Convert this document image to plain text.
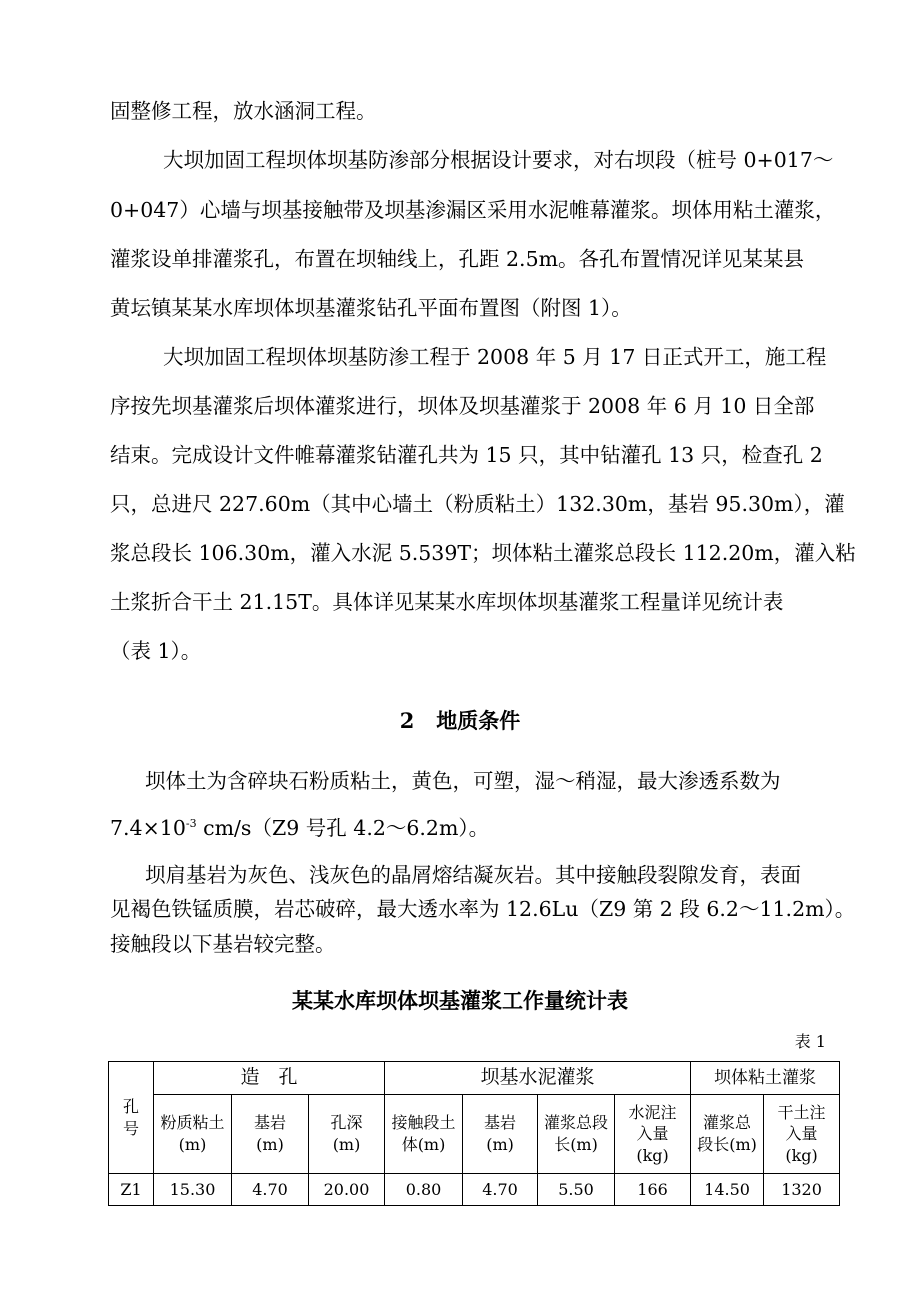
固整修工程，放水涵洞工程。
大坝加固工程坝体坝基防渗部分根据设计要求，对右坝段（桩号 0+017～
0+047）心墙与坝基接触带及坝基渗漏区采用水泥帷幕灌浆。坝体用粘土灌浆，
灌浆设单排灌浆孔，布置在坝轴线上，孔距 2.5m。各孔布置情况详见某某县
黄坛镇某某水库坝体坝基灌浆钻孔平面布置图（附图 1）。
大坝加固工程坝体坝基防渗工程于 2008 年 5 月 17 日正式开工，施工程
序按先坝基灌浆后坝体灌浆进行，坝体及坝基灌浆于 2008 年 6 月 10 日全部
结束。完成设计文件帷幕灌浆钻灌孔共为 15 只，其中钻灌孔 13 只，检查孔 2
只，总进尺 227.60m（其中心墙土（粉质粘土）132.30m，基岩 95.30m），灌
浆总段长 106.30m，灌入水泥 5.539T；坝体粘土灌浆总段长 112.20m，灌入粘
土浆折合干土 21.15T。具体详见某某水库坝体坝基灌浆工程量详见统计表
（表 1）。
2 地质条件
坝体土为含碎块石粉质粘土，黄色，可塑，湿～稍湿，最大渗透系数为
$7.4\times 10^{-3}$ cm/s（Z9 号孔 4.2～6.2m）。
坝肩基岩为灰色、浅灰色的晶屑熔结凝灰岩。其中接触段裂隙发育，表面
见褐色铁锰质膜，岩芯破碎，最大透水率为 12.6Lu（Z9 第 2 段 6.2～11.2m）。
接触段以下基岩较完整。
某某水库坝体坝基灌浆工作量统计表
表 1
孔号	造　孔			坝基水泥灌浆				坝体粘土灌浆	
	粉质粘土(m)	基岩(m)	孔深(m)	接触段土体(m)	基岩(m)	灌浆总段长(m)	水泥注入量(kg)	灌浆总段长(m)	干土注入量(kg)
Z1	15.30	4.70	20.00	0.80	4.70	5.50	166	14.50	1320
